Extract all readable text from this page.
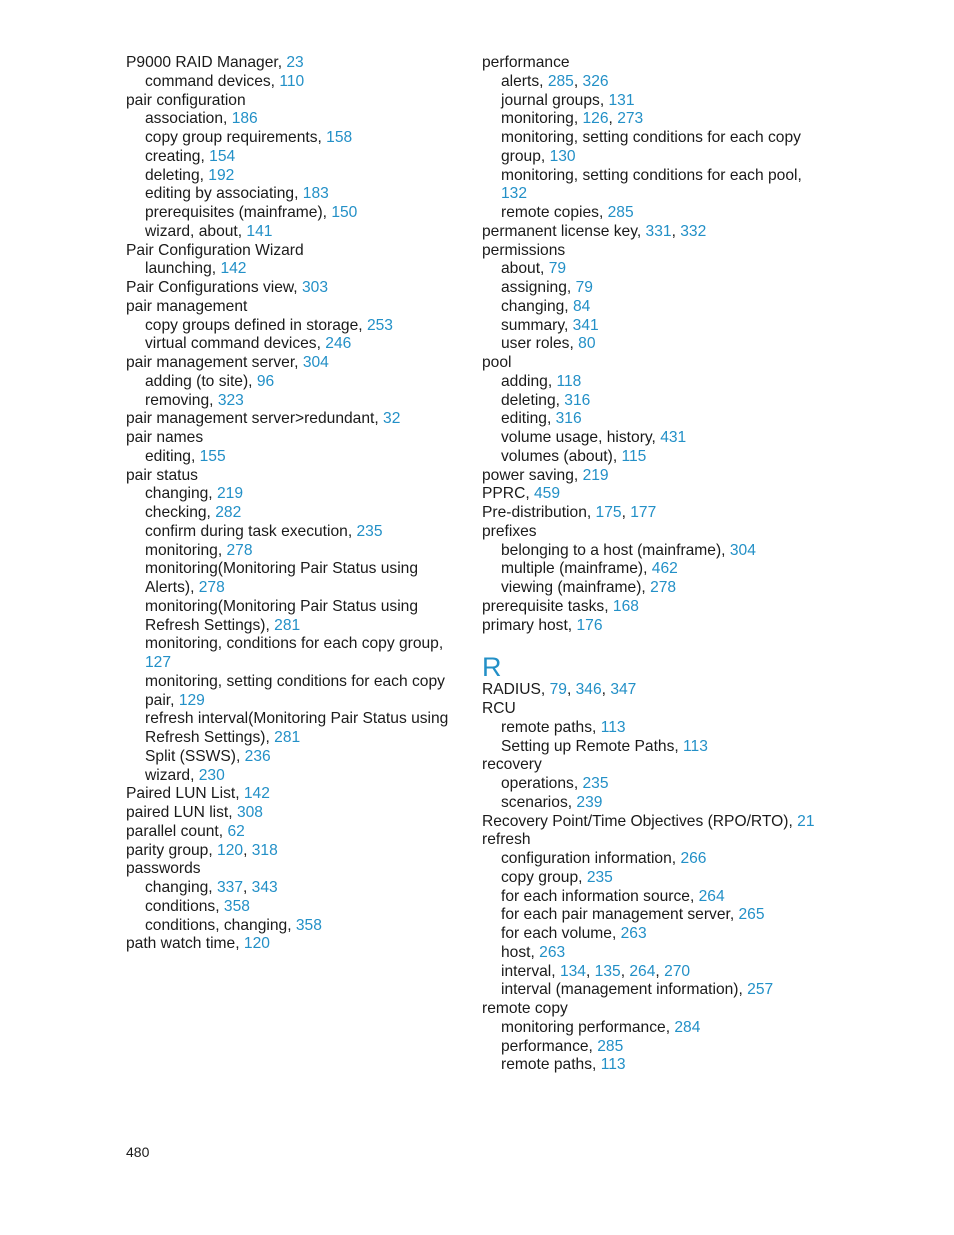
P9000 RAID Manager, 23
command devices, 110
pair configuration
association, 186
copy group requirements, 158
creating, 154
deleting, 192
editing by associating, 183
prerequisites (mainframe), 150
wizard, about, 141
Pair Configuration Wizard
launching, 142
Pair Configurations view, 303
pair management
copy groups defined in storage, 253
virtual command devices, 246
pair management server, 304
adding (to site), 96
removing, 323
pair management server>redundant, 32
pair names
editing, 155
pair status
changing, 219
checking, 282
confirm during task execution, 235
monitoring, 278
monitoring(Monitoring Pair Status using
Alerts), 278
monitoring(Monitoring Pair Status using
Refresh Settings), 281
monitoring, conditions for each copy group,
127
monitoring, setting conditions for each copy
pair, 129
refresh interval(Monitoring Pair Status using
Refresh Settings), 281
Split (SSWS), 236
wizard, 230
Paired LUN List, 142
paired LUN list, 308
parallel count, 62
parity group, 120, 318
passwords
changing, 337, 343
conditions, 358
conditions, changing, 358
path watch time, 120
performance
alerts, 285, 326
journal groups, 131
monitoring, 126, 273
monitoring, setting conditions for each copy
group, 130
monitoring, setting conditions for each pool,
132
remote copies, 285
permanent license key, 331, 332
permissions
about, 79
assigning, 79
changing, 84
summary, 341
user roles, 80
pool
adding, 118
deleting, 316
editing, 316
volume usage, history, 431
volumes (about), 115
power saving, 219
PPRC, 459
Pre-distribution, 175, 177
prefixes
belonging to a host (mainframe), 304
multiple (mainframe), 462
viewing (mainframe), 278
prerequisite tasks, 168
primary host, 176
R
RADIUS, 79, 346, 347
RCU
remote paths, 113
Setting up Remote Paths, 113
recovery
operations, 235
scenarios, 239
Recovery Point/Time Objectives (RPO/RTO), 21
refresh
configuration information, 266
copy group, 235
for each information source, 264
for each pair management server, 265
for each volume, 263
host, 263
interval, 134, 135, 264, 270
interval (management information), 257
remote copy
monitoring performance, 284
performance, 285
remote paths, 113
480
